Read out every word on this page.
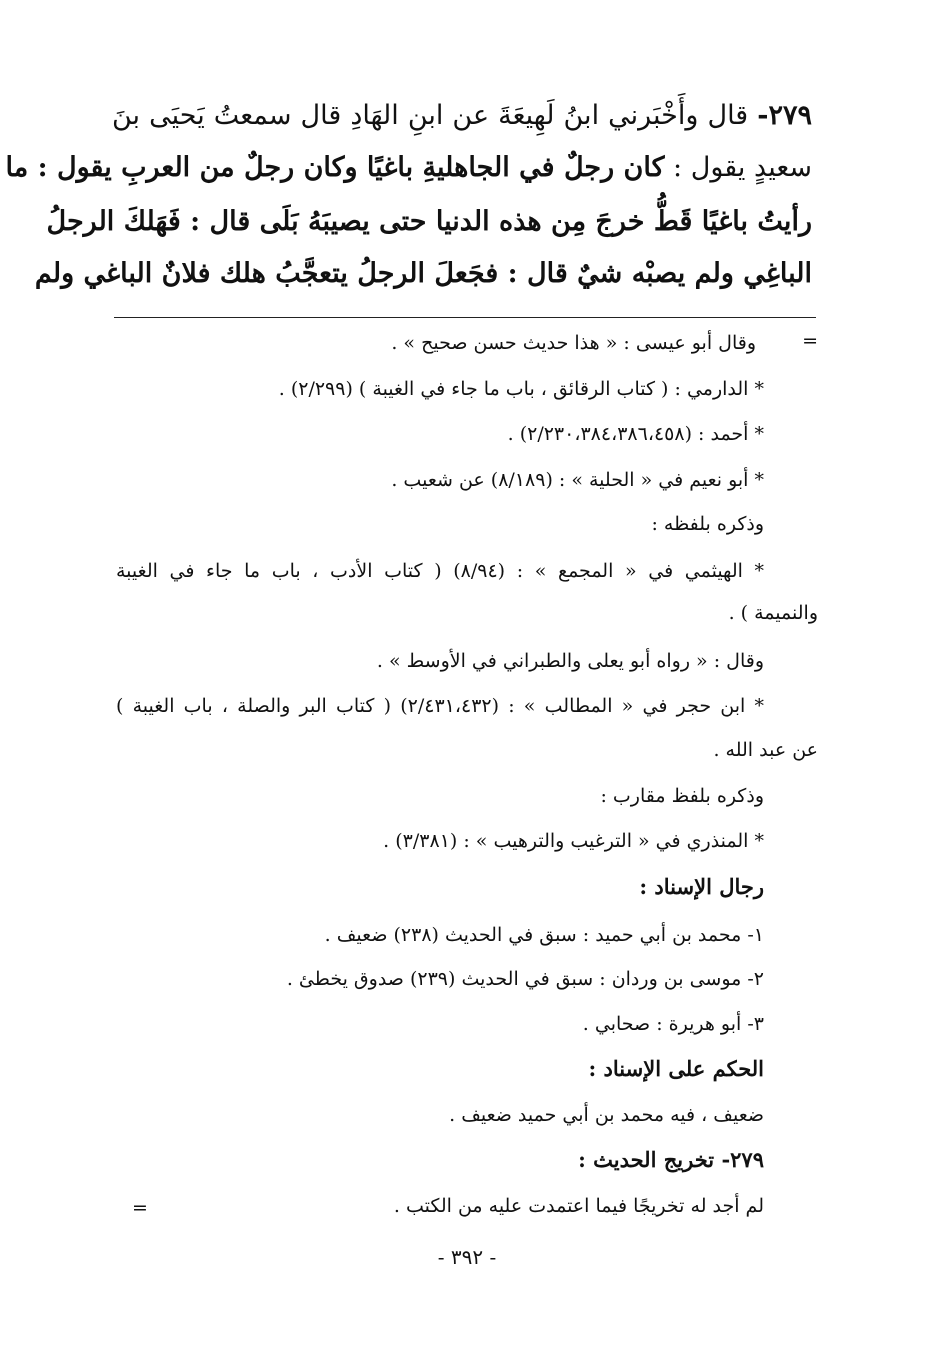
٢٧٩- قال وأَخْبَرني ابنُ لَهِيعَةَ عن ابنِ الهَادِ قال سمعتُ يَحيَى بنَ
سعيدٍ يقول : كان رجلٌ في الجاهليةِ باغيًا وكان رجلٌ من العربِ يقول : ما
رأيتُ باغيًا قَطُّ خرجَ مِن هذه الدنيا حتى يصيبَهُ بَلَى قال : فَهَلكَ الرجلُ
الباغِي ولم يصبْه شيٌ قال : فجَعلَ الرجلُ يتعجَّبُ هلك فلانٌ الباغي ولم
=
وقال أبو عيسى : « هذا حديث حسن صحيح » .
* الدارمي : ( كتاب الرقائق ، باب ما جاء في الغيبة ) (٢/٢٩٩) .
* أحمد : (٢/٢٣٠،٣٨٤،٣٨٦،٤٥٨) .
* أبو نعيم في « الحلية » : (٨/١٨٩) عن شعيب .
وذكره بلفظه :
* الهيثمي في « المجمع » : (٨/٩٤) ( كتاب الأدب ، باب ما جاء في الغيبة
والنميمة ) .
وقال : « رواه أبو يعلى والطبراني في الأوسط » .
* ابن حجر في « المطالب » : (٢/٤٣١،٤٣٢) ( كتاب البر والصلة ، باب الغيبة )
عن عبد الله .
وذكره بلفظ مقارب :
* المنذري في « الترغيب والترهيب » : (٣/٣٨١) .
رجال الإسناد :
١- محمد بن أبي حميد : سبق في الحديث (٢٣٨) ضعيف .
٢- موسى بن وردان : سبق في الحديث (٢٣٩) صدوق يخطئ .
٣- أبو هريرة : صحابي .
الحكم على الإسناد :
ضعيف ، فيه محمد بن أبي حميد ضعيف .
٢٧٩- تخريج الحديث :
لم أجد له تخريجًا فيما اعتمدت عليه من الكتب .
=
- ٣٩٢ -
